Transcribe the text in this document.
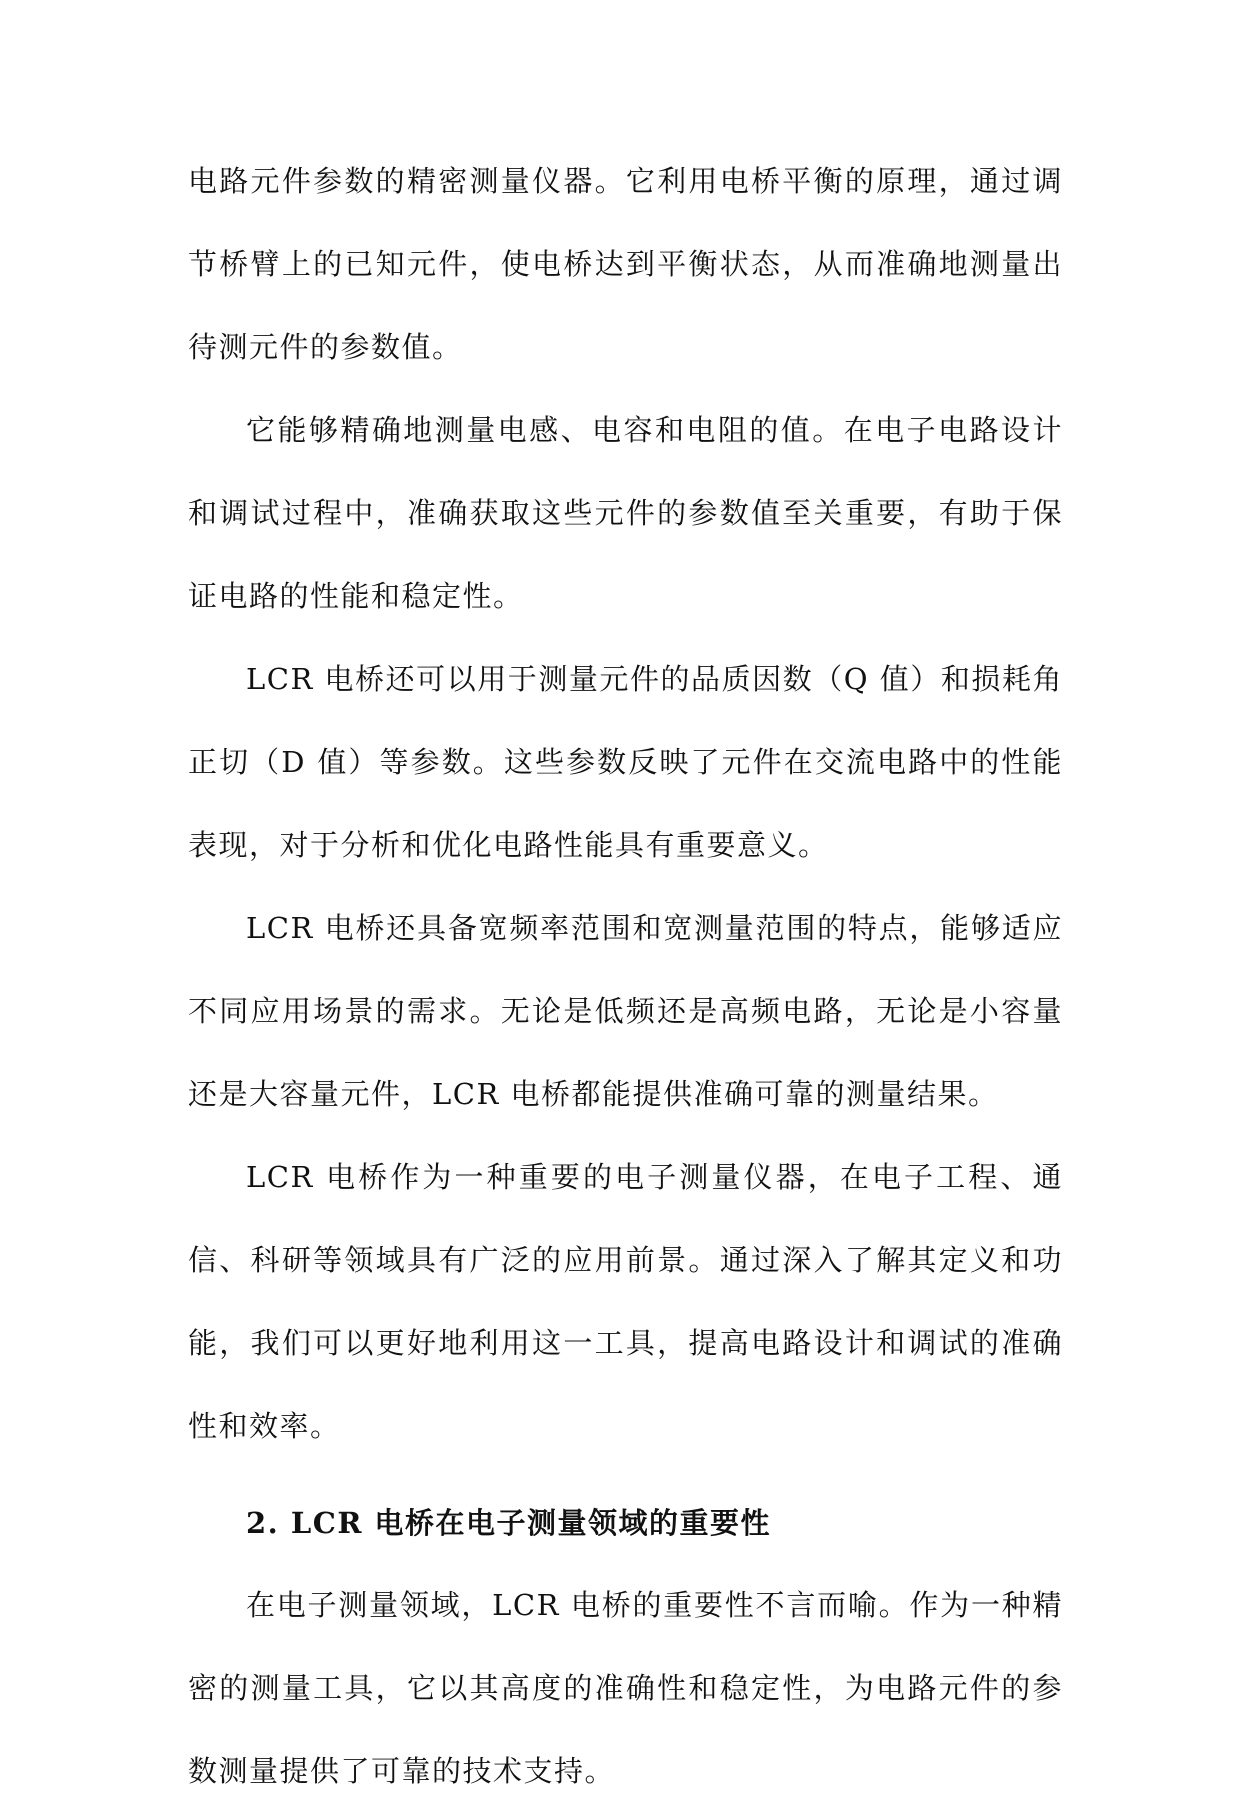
电路元件参数的精密测量仪器。它利用电桥平衡的原理，通过调节桥臂上的已知元件，使电桥达到平衡状态，从而准确地测量出待测元件的参数值。

它能够精确地测量电感、电容和电阻的值。在电子电路设计和调试过程中，准确获取这些元件的参数值至关重要，有助于保证电路的性能和稳定性。

LCR 电桥还可以用于测量元件的品质因数（Q 值）和损耗角正切（D 值）等参数。这些参数反映了元件在交流电路中的性能表现，对于分析和优化电路性能具有重要意义。

LCR 电桥还具备宽频率范围和宽测量范围的特点，能够适应不同应用场景的需求。无论是低频还是高频电路，无论是小容量还是大容量元件，LCR 电桥都能提供准确可靠的测量结果。

LCR 电桥作为一种重要的电子测量仪器，在电子工程、通信、科研等领域具有广泛的应用前景。通过深入了解其定义和功能，我们可以更好地利用这一工具，提高电路设计和调试的准确性和效率。

2. LCR 电桥在电子测量领域的重要性

在电子测量领域，LCR 电桥的重要性不言而喻。作为一种精密的测量工具，它以其高度的准确性和稳定性，为电路元件的参数测量提供了可靠的技术支持。
